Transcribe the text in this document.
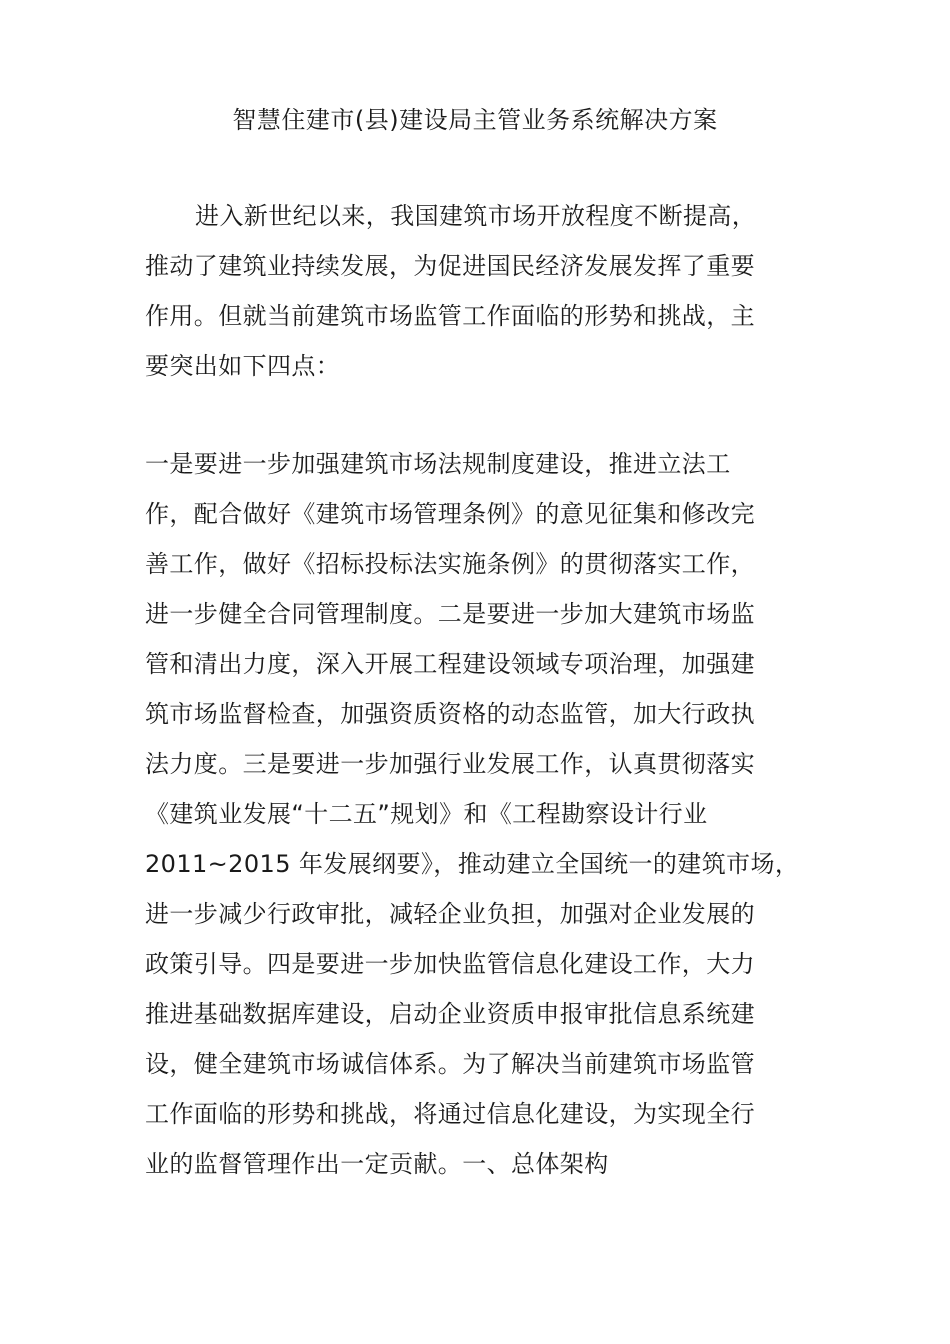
智慧住建市(县)建设局主管业务系统解决方案
进入新世纪以来，我国建筑市场开放程度不断提高，
推动了建筑业持续发展，为促进国民经济发展发挥了重要
作用。但就当前建筑市场监管工作面临的形势和挑战，主
要突出如下四点：
一是要进一步加强建筑市场法规制度建设，推进立法工
作，配合做好《建筑市场管理条例》的意见征集和修改完
善工作，做好《招标投标法实施条例》的贯彻落实工作，
进一步健全合同管理制度。二是要进一步加大建筑市场监
管和清出力度，深入开展工程建设领域专项治理，加强建
筑市场监督检查，加强资质资格的动态监管，加大行政执
法力度。三是要进一步加强行业发展工作，认真贯彻落实
《建筑业发展“十二五”规划》和《工程勘察设计行业
2011~2015 年发展纲要》，推动建立全国统一的建筑市场，
进一步减少行政审批，减轻企业负担，加强对企业发展的
政策引导。四是要进一步加快监管信息化建设工作，大力
推进基础数据库建设，启动企业资质申报审批信息系统建
设，健全建筑市场诚信体系。为了解决当前建筑市场监管
工作面临的形势和挑战，将通过信息化建设，为实现全行
业的监督管理作出一定贡献。一、总体架构
